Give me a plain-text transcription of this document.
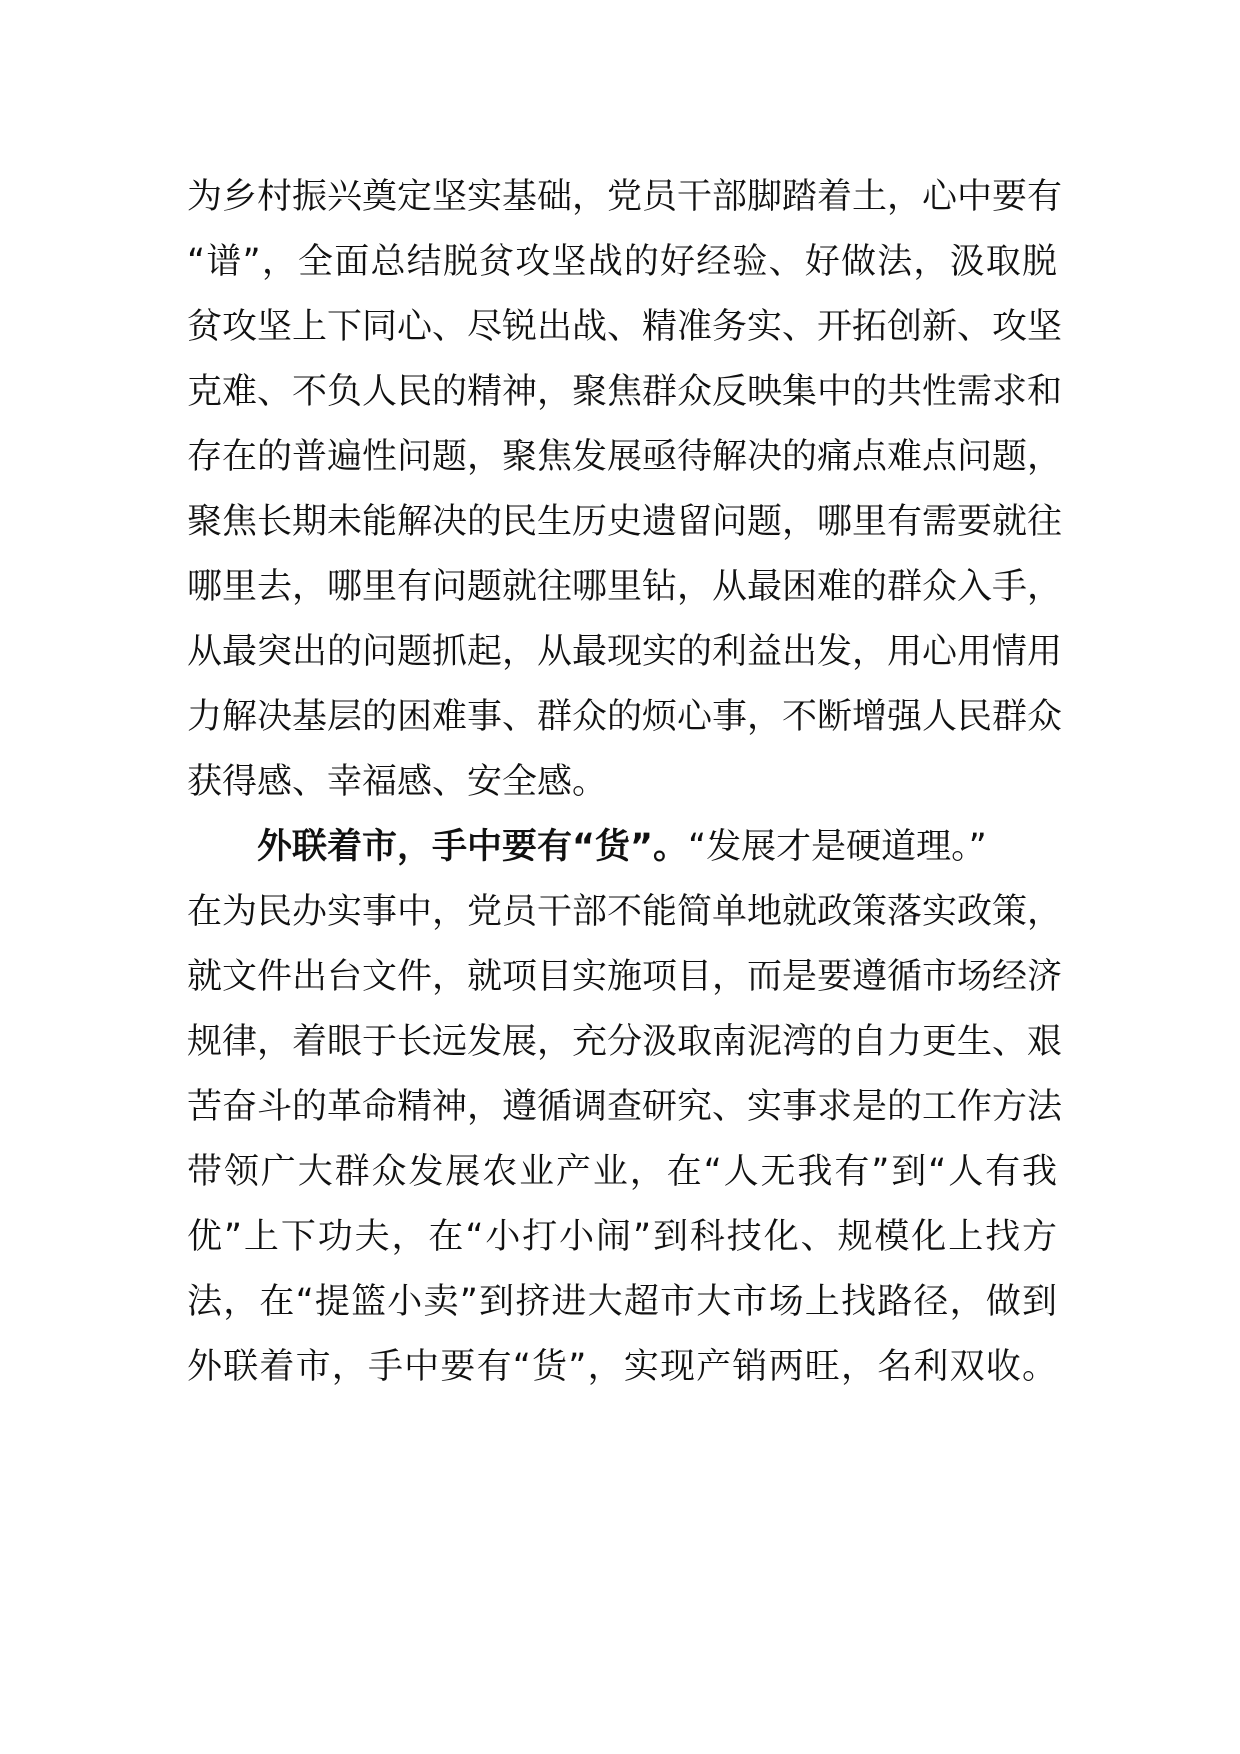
为乡村振兴奠定坚实基础，党员干部脚踏着土，心中要有
“谱”，全面总结脱贫攻坚战的好经验、好做法，汲取脱
贫攻坚上下同心、尽锐出战、精准务实、开拓创新、攻坚
克难、不负人民的精神，聚焦群众反映集中的共性需求和
存在的普遍性问题，聚焦发展亟待解决的痛点难点问题，
聚焦长期未能解决的民生历史遗留问题，哪里有需要就往
哪里去，哪里有问题就往哪里钻，从最困难的群众入手，
从最突出的问题抓起，从最现实的利益出发，用心用情用
力解决基层的困难事、群众的烦心事，不断增强人民群众
获得感、幸福感、安全感。
外联着市，手中要有“货”。“发展才是硬道理。”
在为民办实事中，党员干部不能简单地就政策落实政策，
就文件出台文件，就项目实施项目，而是要遵循市场经济
规律，着眼于长远发展，充分汲取南泥湾的自力更生、艰
苦奋斗的革命精神，遵循调查研究、实事求是的工作方法
带领广大群众发展农业产业，在“人无我有”到“人有我
优”上下功夫，在“小打小闹”到科技化、规模化上找方
法，在“提篮小卖”到挤进大超市大市场上找路径，做到
外联着市，手中要有“货”，实现产销两旺，名利双收。
